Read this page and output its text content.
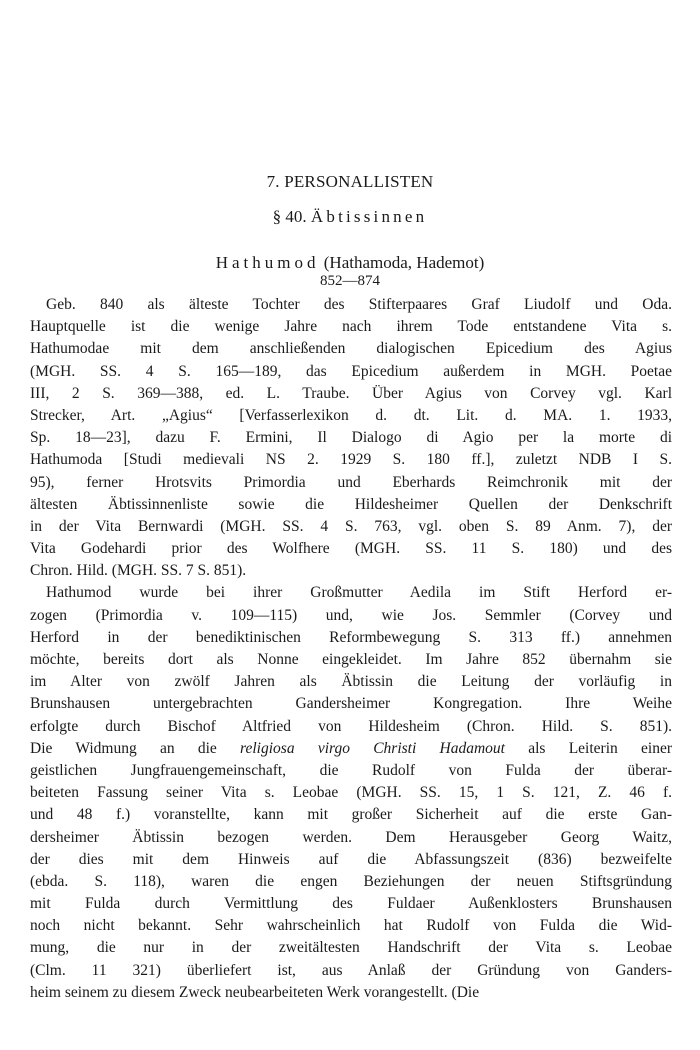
7. PERSONALLISTEN
§ 40. Äbtissinnen
Hathumod (Hathamoda, Hademot)
852—874
Geb. 840 als älteste Tochter des Stifterpaares Graf Liudolf und Oda.
Hauptquelle ist die wenige Jahre nach ihrem Tode entstandene Vita s.
Hathumodae mit dem anschließenden dialogischen Epicedium des Agius
(MGH. SS. 4 S. 165—189, das Epicedium außerdem in MGH. Poetae
III, 2 S. 369—388, ed. L. Traube. Über Agius von Corvey vgl. Karl
Strecker, Art. „Agius“ [Verfasserlexikon d. dt. Lit. d. MA. 1. 1933,
Sp. 18—23], dazu F. Ermini, Il Dialogo di Agio per la morte di
Hathumoda [Studi medievali NS 2. 1929 S. 180 ff.], zuletzt NDB I S.
95), ferner Hrotsvits Primordia und Eberhards Reimchronik mit der
ältesten Äbtissinnenliste sowie die Hildesheimer Quellen der Denkschrift
in der Vita Bernwardi (MGH. SS. 4 S. 763, vgl. oben S. 89 Anm. 7), der
Vita Godehardi prior des Wolfhere (MGH. SS. 11 S. 180) und des
Chron. Hild. (MGH. SS. 7 S. 851).
Hathumod wurde bei ihrer Großmutter Aedila im Stift Herford er-
zogen (Primordia v. 109—115) und, wie Jos. Semmler (Corvey und
Herford in der benediktinischen Reformbewegung S. 313 ff.) annehmen
möchte, bereits dort als Nonne eingekleidet. Im Jahre 852 übernahm sie
im Alter von zwölf Jahren als Äbtissin die Leitung der vorläufig in
Brunshausen untergebrachten Gandersheimer Kongregation. Ihre Weihe
erfolgte durch Bischof Altfried von Hildesheim (Chron. Hild. S. 851).
Die Widmung an die religiosa virgo Christi Hadamout als Leiterin einer
geistlichen Jungfrauengemeinschaft, die Rudolf von Fulda der überar-
beiteten Fassung seiner Vita s. Leobae (MGH. SS. 15, 1 S. 121, Z. 46 f.
und 48 f.) voranstellte, kann mit großer Sicherheit auf die erste Gan-
dersheimer Äbtissin bezogen werden. Dem Herausgeber Georg Waitz,
der dies mit dem Hinweis auf die Abfassungszeit (836) bezweifelte
(ebda. S. 118), waren die engen Beziehungen der neuen Stiftsgründung
mit Fulda durch Vermittlung des Fuldaer Außenklosters Brunshausen
noch nicht bekannt. Sehr wahrscheinlich hat Rudolf von Fulda die Wid-
mung, die nur in der zweitältesten Handschrift der Vita s. Leobae
(Clm. 11 321) überliefert ist, aus Anlaß der Gründung von Ganders-
heim seinem zu diesem Zweck neubearbeiteten Werk vorangestellt. (Die
